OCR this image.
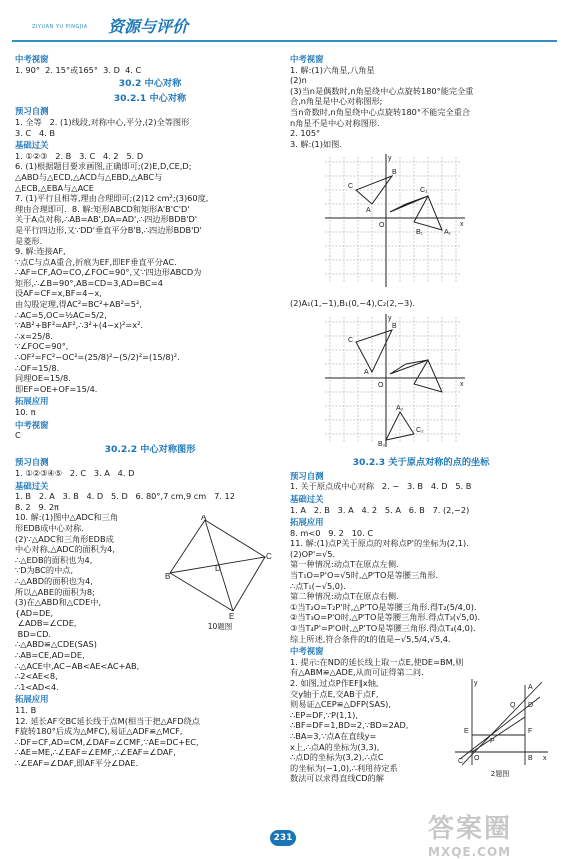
ZIYUAN YU PINGJIA 资源与评价
中考视窗
1. 90°  2. 15°或165°  3. D  4. C
30.2 中心对称
30.2.1 中心对称
预习自测
1. 全等   2. (1)线段,对称中心,平分,(2)全等图形
3. C   4. B
基础过关
1. ①②③   2. B   3. C   4. 2   5. D
6. (1)根据题目要求画图,正确即可;(2)E,D,CE,D;
△ABD与△ECD,△ACD与△EBD,△ABC与
△ECB,△EBA与△ACE
7. (1)平行且相等,理由合理即可;(2)12 cm²;(3)60度,
理由合理即可.  8. 解:矩形ABCD和矩形A'B'C'D'
关于A点对称,∴AB=AB',DA=AD',∴四边形BDB'D'
是平行四边形,又∵DD'垂直平分B'B,∴四边形BDB'D'
是菱形.
9. 解:连接AF,
∵点C与点A重合,折痕为EF,即EF垂直平分AC.
∴AF=CF,AO=CO,∠FOC=90°,又∵四边形ABCD为
矩形,∴∠B=90°,AB=CD=3,AD=BC=4
设AF=CF=x,BF=4−x,
由勾股定理,得AC²=BC²+AB²=5²,
∴AC=5,OC=½AC=5/2,
∵AB²+BF²=AF²,∴3²+(4−x)²=x².
∴x=25/8.
∵∠FOC=90°,
∴OF²=FC²−OC²=(25/8)²−(5/2)²=(15/8)².
∴OF=15/8.
同理OE=15/8.
即EF=OE+OF=15/4.
拓展应用
10. π
中考视窗
C
30.2.2 中心对称图形
预习自测
1. ①②③④⑤   2. C   3. A   4. D
基础过关
1. B   2. A   3. B   4. D   5. D   6. 80°,7 cm,9 cm   7. 12
8. 2   9. 2π
10. 解:(1)图中△ADC和三角
形EDB成中心对称.
(2)∵△ADC和三角形EDB成
中心对称,△ADC的面积为4,
∴△EDB的面积也为4,
∵D为BC的中点,
∴△ABD的面积也为4,
所以△ABE的面积为8;
(3)在△ABD和△CDE中,
{AD=DE,
∠ADB=∠CDE,
BD=CD.
∴△ABD≌△CDE(SAS)
∴AB=CE,AD=DE,
∴△ACE中,AC−AB<AE<AC+AB,
∴2<AE<8,
∴1<AD<4.
A
B
C
D
E
10题图
拓展应用
11. B
12. 延长AF交BC延长线于点M(相当于把△AFD绕点
F旋转180°后成为△MFC),易证△ADF≌△MCF,
∴DF=CF,AD=CM,∠DAF=∠CMF,∵AE=DC+EC,
∴AE=ME,∴∠EAF=∠EMF,∴∠EAF=∠DAF,
∴∠EAF=∠DAF,即AF平分∠DAE.
中考视窗
1. 解:(1)六角星,八角星
(2)n
(3)当n是偶数时,n角星绕中心点旋转180°能完全重
合,n角星是中心对称图形;
当n奇数时,n角星绕中心点旋转180°不能完全重合
n角星不是中心对称图形.
2. 105°
3. 解:(1)如图.
x
y
O
C
B
A
C₁
B₁	A₁
(2)A₁(1,−1),B₁(0,−4),C₂(2,−3).
x
y
O
C
B
A
C₂
A₂
B₂
30.2.3 关于原点对称的点的坐标
预习自测
1. 关于原点成中心对称   2. −   3. B   4. D   5. B
基础过关
1. A   2. B   3. A   4. 2   5. A   6. B   7. (2,−2)
拓展应用
8. m<0   9. 2   10. C
11. 解:(1)点P关于原点的对称点P'的坐标为(2,1).
(2)OP'=√5.
第一种情况:动点T在原点左侧.
当T₁O=P'O=√5时,△P'TO是等腰三角形.
∴点T₁(−√5,0).
第二种情况:动点T在原点右侧.
①当T₂O=T₂P'时,△P'TO是等腰三角形.得T₂(5/4,0).
②当T₃O=P'O时,△P'TO是等腰三角形.得点T₃(√5,0).
③当T₄P'=P'O时,△P'TO是等腰三角形.得点T₄(4,0).
综上所述,符合条件的t的值是−√5,5/4,√5,4.
中考视窗
1. 提示:在ND的延长线上取一点E,使DE=BM,则
有△ABM≌△ADE,从而可证得第二问.
2. 如图,过点P作EF∥x轴,
交y轴于点E,交AB于点F,
则易证△CEP≌△DFP(SAS),
∴EP=DF,∵P(1,1),
∴BF=DF=1,BD=2,∵BD=2AD,
∴BA=3,∵点A在直线y=
x上,∴点A的坐标为(3,3),
∴点D的坐标为(3,2),∴点C
的坐标为(−1,0),∴利用待定系
数法可以求得直线CD的解
y
x
A
D
Q
F
E
P
O
C	B
2题图
231	答案圈
MXQE.COM
